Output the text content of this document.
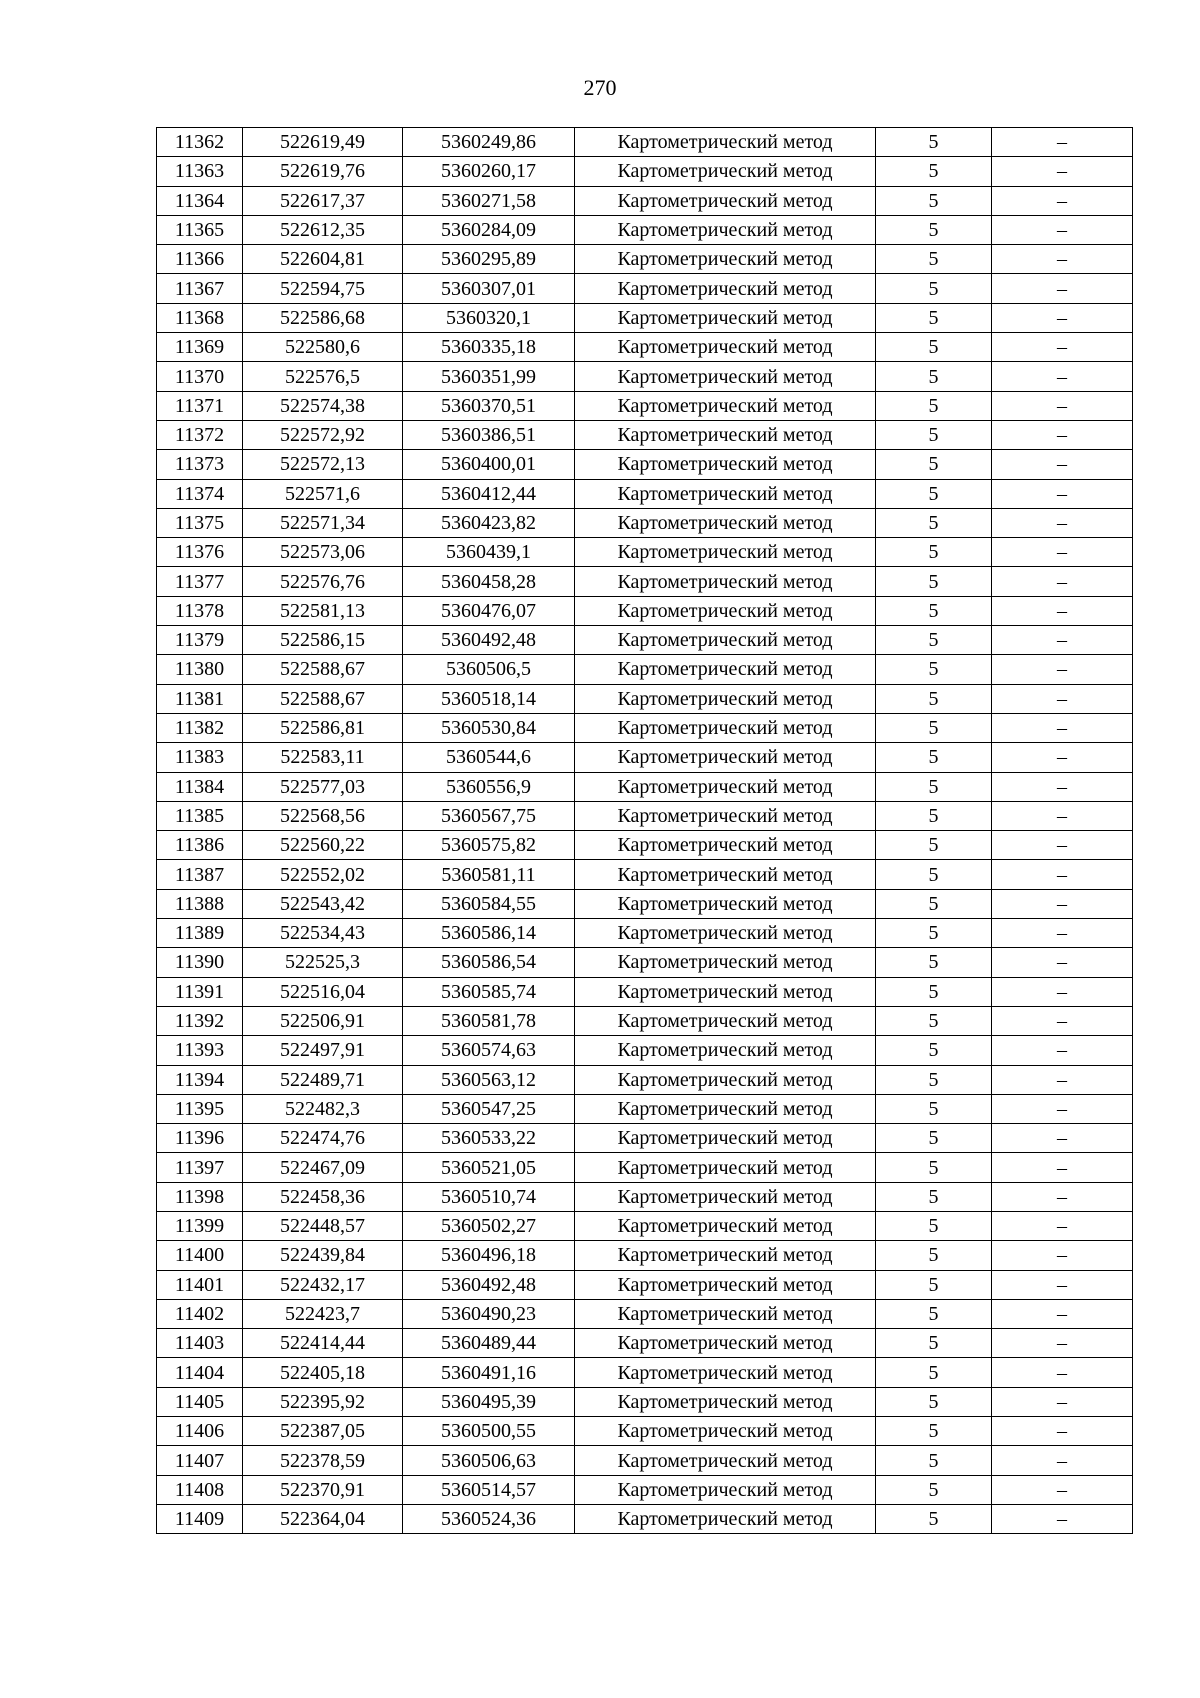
270
11362	522619,49	5360249,86	Картометрический метод	5	–
11363	522619,76	5360260,17	Картометрический метод	5	–
11364	522617,37	5360271,58	Картометрический метод	5	–
11365	522612,35	5360284,09	Картометрический метод	5	–
11366	522604,81	5360295,89	Картометрический метод	5	–
11367	522594,75	5360307,01	Картометрический метод	5	–
11368	522586,68	5360320,1	Картометрический метод	5	–
11369	522580,6	5360335,18	Картометрический метод	5	–
11370	522576,5	5360351,99	Картометрический метод	5	–
11371	522574,38	5360370,51	Картометрический метод	5	–
11372	522572,92	5360386,51	Картометрический метод	5	–
11373	522572,13	5360400,01	Картометрический метод	5	–
11374	522571,6	5360412,44	Картометрический метод	5	–
11375	522571,34	5360423,82	Картометрический метод	5	–
11376	522573,06	5360439,1	Картометрический метод	5	–
11377	522576,76	5360458,28	Картометрический метод	5	–
11378	522581,13	5360476,07	Картометрический метод	5	–
11379	522586,15	5360492,48	Картометрический метод	5	–
11380	522588,67	5360506,5	Картометрический метод	5	–
11381	522588,67	5360518,14	Картометрический метод	5	–
11382	522586,81	5360530,84	Картометрический метод	5	–
11383	522583,11	5360544,6	Картометрический метод	5	–
11384	522577,03	5360556,9	Картометрический метод	5	–
11385	522568,56	5360567,75	Картометрический метод	5	–
11386	522560,22	5360575,82	Картометрический метод	5	–
11387	522552,02	5360581,11	Картометрический метод	5	–
11388	522543,42	5360584,55	Картометрический метод	5	–
11389	522534,43	5360586,14	Картометрический метод	5	–
11390	522525,3	5360586,54	Картометрический метод	5	–
11391	522516,04	5360585,74	Картометрический метод	5	–
11392	522506,91	5360581,78	Картометрический метод	5	–
11393	522497,91	5360574,63	Картометрический метод	5	–
11394	522489,71	5360563,12	Картометрический метод	5	–
11395	522482,3	5360547,25	Картометрический метод	5	–
11396	522474,76	5360533,22	Картометрический метод	5	–
11397	522467,09	5360521,05	Картометрический метод	5	–
11398	522458,36	5360510,74	Картометрический метод	5	–
11399	522448,57	5360502,27	Картометрический метод	5	–
11400	522439,84	5360496,18	Картометрический метод	5	–
11401	522432,17	5360492,48	Картометрический метод	5	–
11402	522423,7	5360490,23	Картометрический метод	5	–
11403	522414,44	5360489,44	Картометрический метод	5	–
11404	522405,18	5360491,16	Картометрический метод	5	–
11405	522395,92	5360495,39	Картометрический метод	5	–
11406	522387,05	5360500,55	Картометрический метод	5	–
11407	522378,59	5360506,63	Картометрический метод	5	–
11408	522370,91	5360514,57	Картометрический метод	5	–
11409	522364,04	5360524,36	Картометрический метод	5	–
